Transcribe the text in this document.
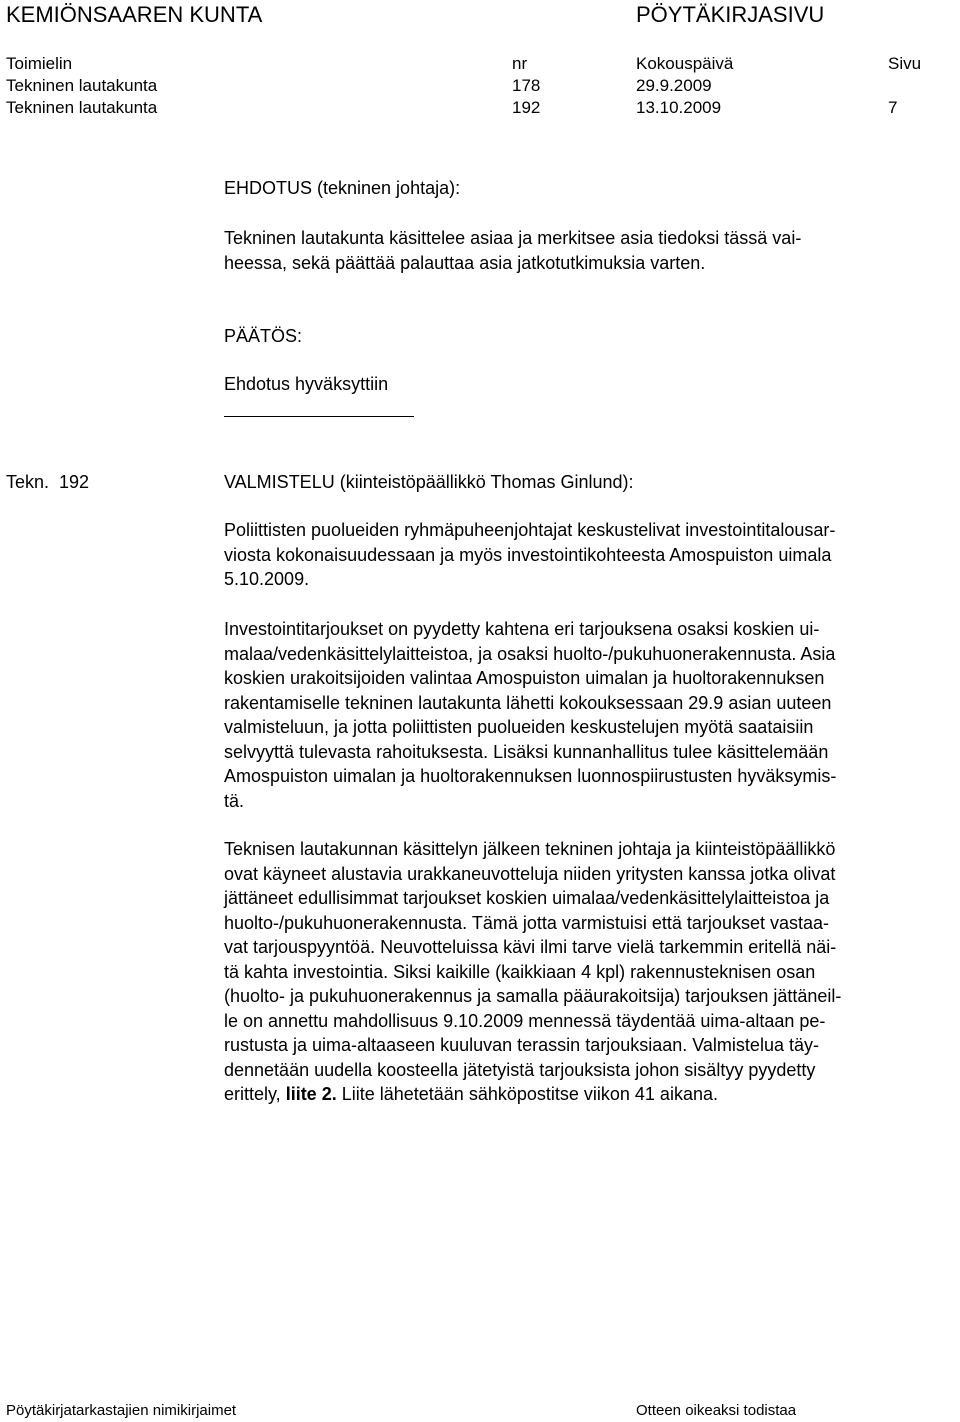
KEMIÖNSAAREN KUNTA	PÖYTÄKIRJASIVU
Toimielin	nr	Kokouspäivä	Sivu
Tekninen lautakunta	178	29.9.2009
Tekninen lautakunta	192	13.10.2009	7
EHDOTUS (tekninen johtaja):
Tekninen lautakunta käsittelee asiaa ja merkitsee asia tiedoksi tässä vai-
heessa, sekä päättää palauttaa asia jatkotutkimuksia varten.
PÄÄTÖS:
Ehdotus hyväksyttiin
Tekn.  192	VALMISTELU (kiinteistöpäällikkö Thomas Ginlund):
Poliittisten puolueiden ryhmäpuheenjohtajat keskustelivat investointitalousar-
viosta kokonaisuudessaan ja myös investointikohteesta Amospuiston uimala
5.10.2009.
Investointitarjoukset on pyydetty kahtena eri tarjouksena osaksi koskien ui-
malaa/vedenkäsittelylaitteistoa, ja osaksi huolto-/pukuhuonerakennusta. Asia
koskien urakoitsijoiden valintaa Amospuiston uimalan ja huoltorakennuksen
rakentamiselle tekninen lautakunta lähetti kokouksessaan 29.9 asian uuteen
valmisteluun, ja jotta poliittisten puolueiden keskustelujen myötä saataisiin
selvyyttä tulevasta rahoituksesta. Lisäksi kunnanhallitus tulee käsittelemään
Amospuiston uimalan ja huoltorakennuksen luonnospiirustusten hyväksymis-
tä.
Teknisen lautakunnan käsittelyn jälkeen tekninen johtaja ja kiinteistöpäällikkö
ovat käyneet alustavia urakkaneuvotteluja niiden yritysten kanssa jotka olivat
jättäneet edullisimmat tarjoukset koskien uimalaa/vedenkäsittelylaitteistoa ja
huolto-/pukuhuonerakennusta. Tämä jotta varmistuisi että tarjoukset vastaa-
vat tarjouspyyntöä. Neuvotteluissa kävi ilmi tarve vielä tarkemmin eritellä näi-
tä kahta investointia. Siksi kaikille (kaikkiaan 4 kpl) rakennusteknisen osan
(huolto- ja pukuhuonerakennus ja samalla pääurakoitsija) tarjouksen jättäneil-
le on annettu mahdollisuus 9.10.2009 mennessä täydentää uima-altaan pe-
rustusta ja uima-altaaseen kuuluvan terassin tarjouksiaan. Valmistelua täy-
dennetään uudella koosteella jätetyistä tarjouksista johon sisältyy pyydetty
erittely, liite 2. Liite lähetetään sähköpostitse viikon 41 aikana.
Pöytäkirjatarkastajien nimikirjaimet	Otteen oikeaksi todistaa
